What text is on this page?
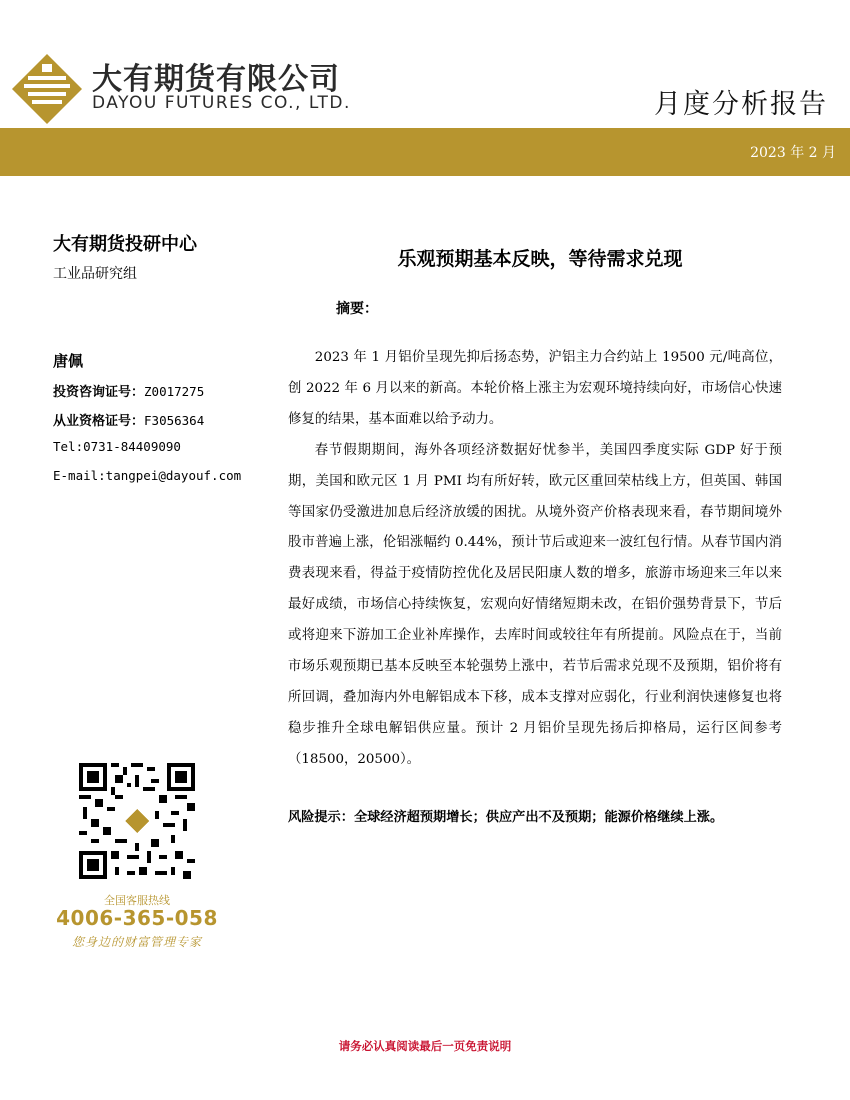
大有期货有限公司
DAYOU FUTURES CO., LTD.	月度分析报告
2023 年 2 月
大有期货投研中心
工业品研究组
唐佩
投资咨询证号：Z0017275
从业资格证号：F3056364
Tel:0731-84409090
E-mail:tangpei@dayouf.com
全国客服热线
4006-365-058
您身边的财富管理专家
乐观预期基本反映，等待需求兑现
摘要：

2023 年 1 月铝价呈现先抑后扬态势，沪铝主力合约站上 19500 元/吨高位，创 2022 年 6 月以来的新高。本轮价格上涨主为宏观环境持续向好，市场信心快速修复的结果，基本面难以给予动力。

春节假期期间，海外各项经济数据好忧参半，美国四季度实际 GDP 好于预期，美国和欧元区 1 月 PMI 均有所好转，欧元区重回荣枯线上方，但英国、韩国等国家仍受激进加息后经济放缓的困扰。从境外资产价格表现来看，春节期间境外股市普遍上涨，伦铝涨幅约 0.44%，预计节后或迎来一波红包行情。从春节国内消费表现来看，得益于疫情防控优化及居民阳康人数的增多，旅游市场迎来三年以来最好成绩，市场信心持续恢复，宏观向好情绪短期未改，在铝价强势背景下，节后或将迎来下游加工企业补库操作，去库时间或较往年有所提前。风险点在于，当前市场乐观预期已基本反映至本轮强势上涨中，若节后需求兑现不及预期，铝价将有所回调，叠加海内外电解铝成本下移，成本支撑对应弱化，行业利润快速修复也将稳步推升全球电解铝供应量。预计 2 月铝价呈现先扬后抑格局，运行区间参考（18500，20500）。

风险提示：全球经济超预期增长；供应产出不及预期；能源价格继续上涨。
请务必认真阅读最后一页免责说明
